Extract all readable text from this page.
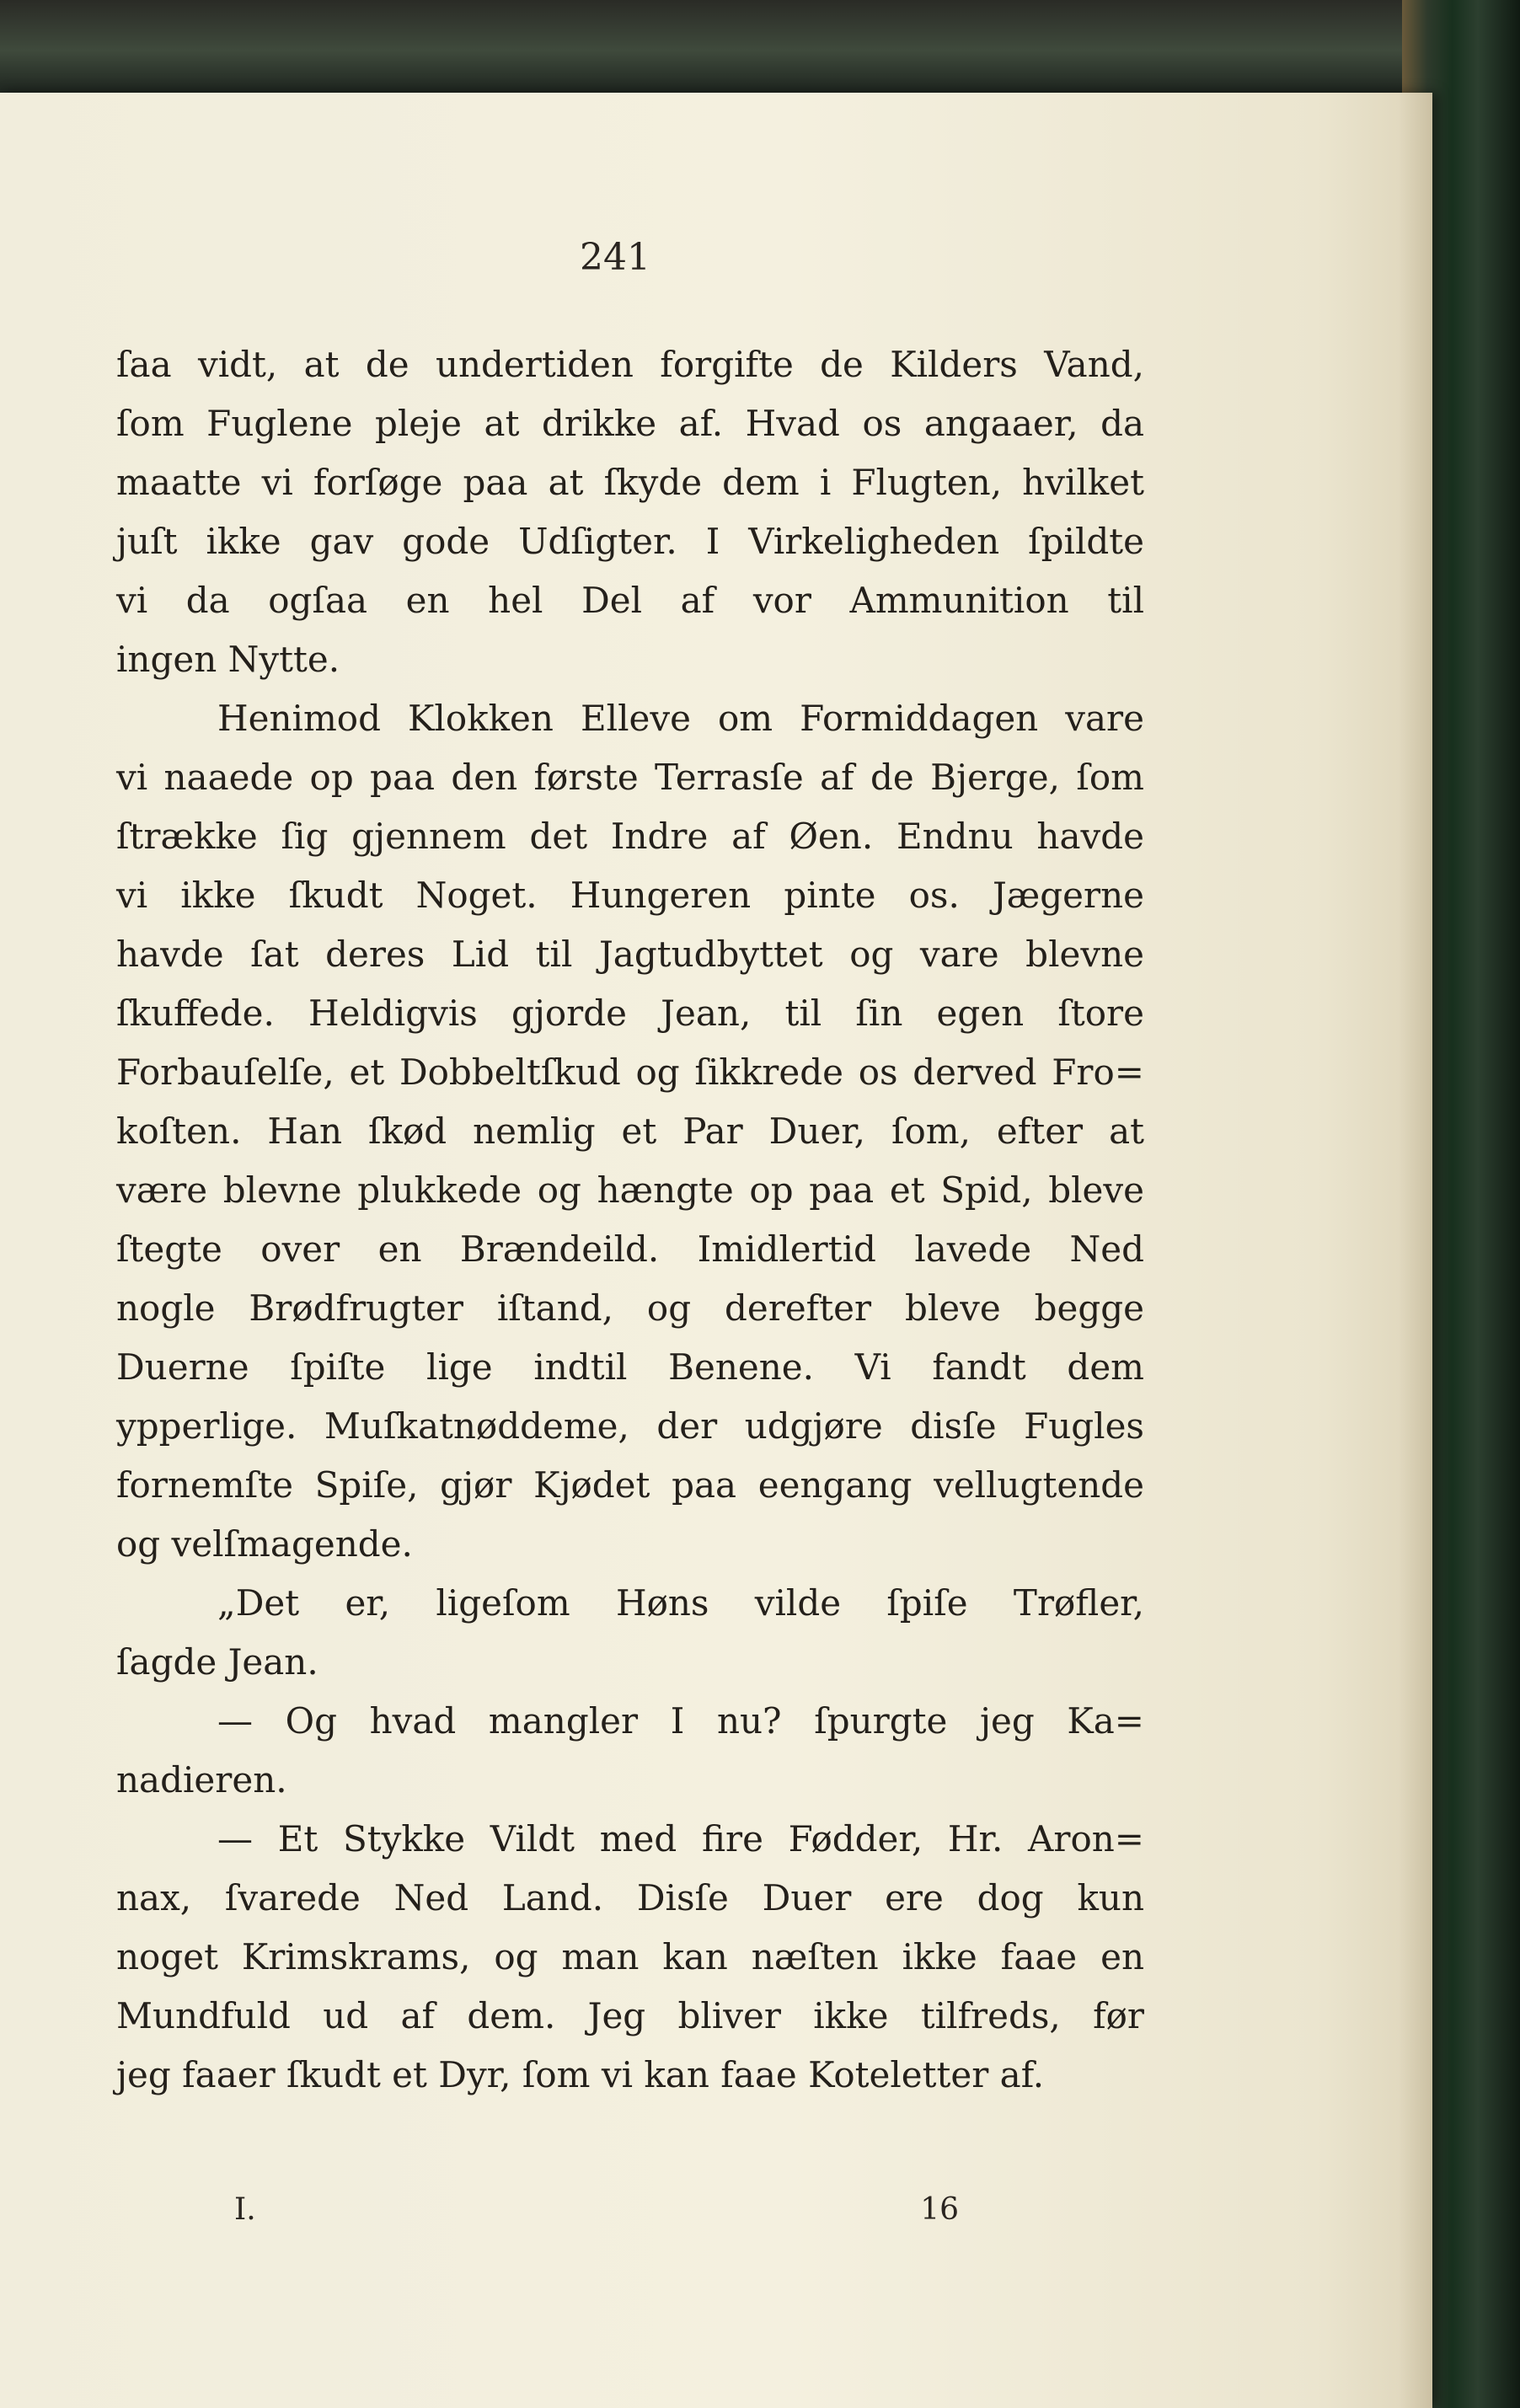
241
ſaa vidt, at de undertiden forgifte de Kilders Vand,
ſom Fuglene pleje at drikke af. Hvad os angaaer, da
maatte vi forſøge paa at ſkyde dem i Flugten, hvilket
juſt ikke gav gode Udſigter. I Virkeligheden ſpildte
vi da ogſaa en hel Del af vor Ammunition til
ingen Nytte.
Henimod Klokken Elleve om Formiddagen vare
vi naaede op paa den første Terrasſe af de Bjerge, ſom
ſtrække ſig gjennem det Indre af Øen. Endnu havde
vi ikke ſkudt Noget. Hungeren pinte os. Jægerne
havde ſat deres Lid til Jagtudbyttet og vare blevne
ſkuffede. Heldigvis gjorde Jean, til ſin egen ſtore
Forbauſelſe, et Dobbeltſkud og ſikkrede os derved Fro=
koſten. Han ſkød nemlig et Par Duer, ſom, efter at
være blevne plukkede og hængte op paa et Spid, bleve
ſtegte over en Brændeild. Imidlertid lavede Ned
nogle Brødfrugter iſtand, og derefter bleve begge
Duerne ſpiſte lige indtil Benene. Vi fandt dem
ypperlige. Muſkatnøddeme, der udgjøre disſe Fugles
fornemſte Spiſe, gjør Kjødet paa eengang vellugtende
og velſmagende.
„Det er, ligeſom Høns vilde ſpiſe Trøfler,
ſagde Jean.
— Og hvad mangler I nu? ſpurgte jeg Ka=
nadieren.
— Et Stykke Vildt med fire Fødder, Hr. Aron=
nax, ſvarede Ned Land. Disſe Duer ere dog kun
noget Krimskrams, og man kan næſten ikke faae en
Mundfuld ud af dem. Jeg bliver ikke tilfreds, før
jeg faaer ſkudt et Dyr, ſom vi kan faae Koteletter af.
I.	16
